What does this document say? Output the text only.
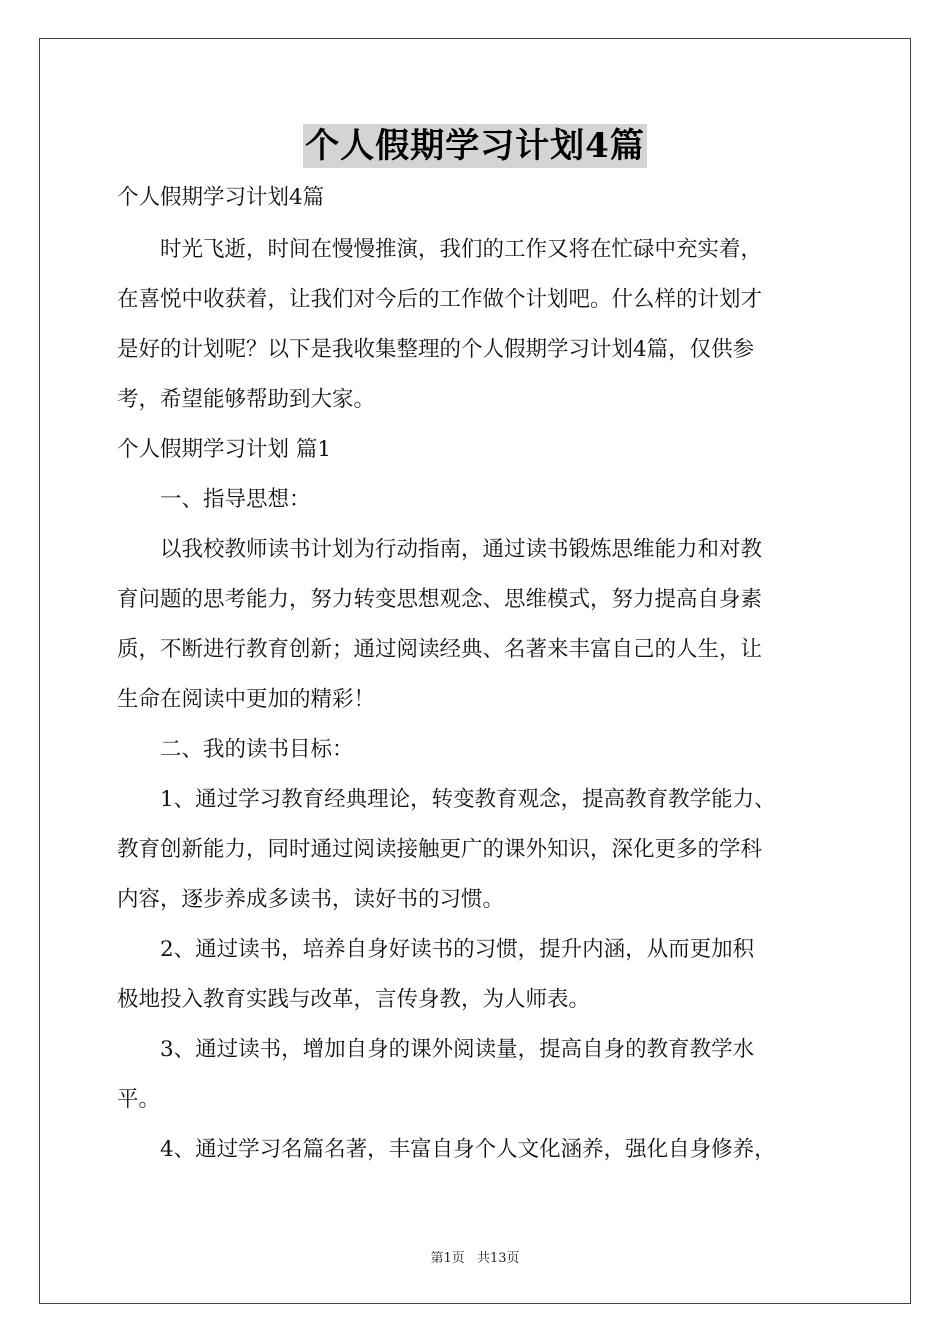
个人假期学习计划4篇
个人假期学习计划4篇
时光飞逝，时间在慢慢推演，我们的工作又将在忙碌中充实着，
在喜悦中收获着，让我们对今后的工作做个计划吧。什么样的计划才
是好的计划呢？以下是我收集整理的个人假期学习计划4篇，仅供参
考，希望能够帮助到大家。
个人假期学习计划 篇1
一、指导思想：
以我校教师读书计划为行动指南，通过读书锻炼思维能力和对教
育问题的思考能力，努力转变思想观念、思维模式，努力提高自身素
质，不断进行教育创新；通过阅读经典、名著来丰富自己的人生，让
生命在阅读中更加的精彩！
二、我的读书目标：
1、通过学习教育经典理论，转变教育观念，提高教育教学能力、
教育创新能力，同时通过阅读接触更广的课外知识，深化更多的学科
内容，逐步养成多读书，读好书的习惯。
2、通过读书，培养自身好读书的习惯，提升内涵，从而更加积
极地投入教育实践与改革，言传身教，为人师表。
3、通过读书，增加自身的课外阅读量，提高自身的教育教学水
平。
4、通过学习名篇名著，丰富自身个人文化涵养，强化自身修养，
第1页 共13页
